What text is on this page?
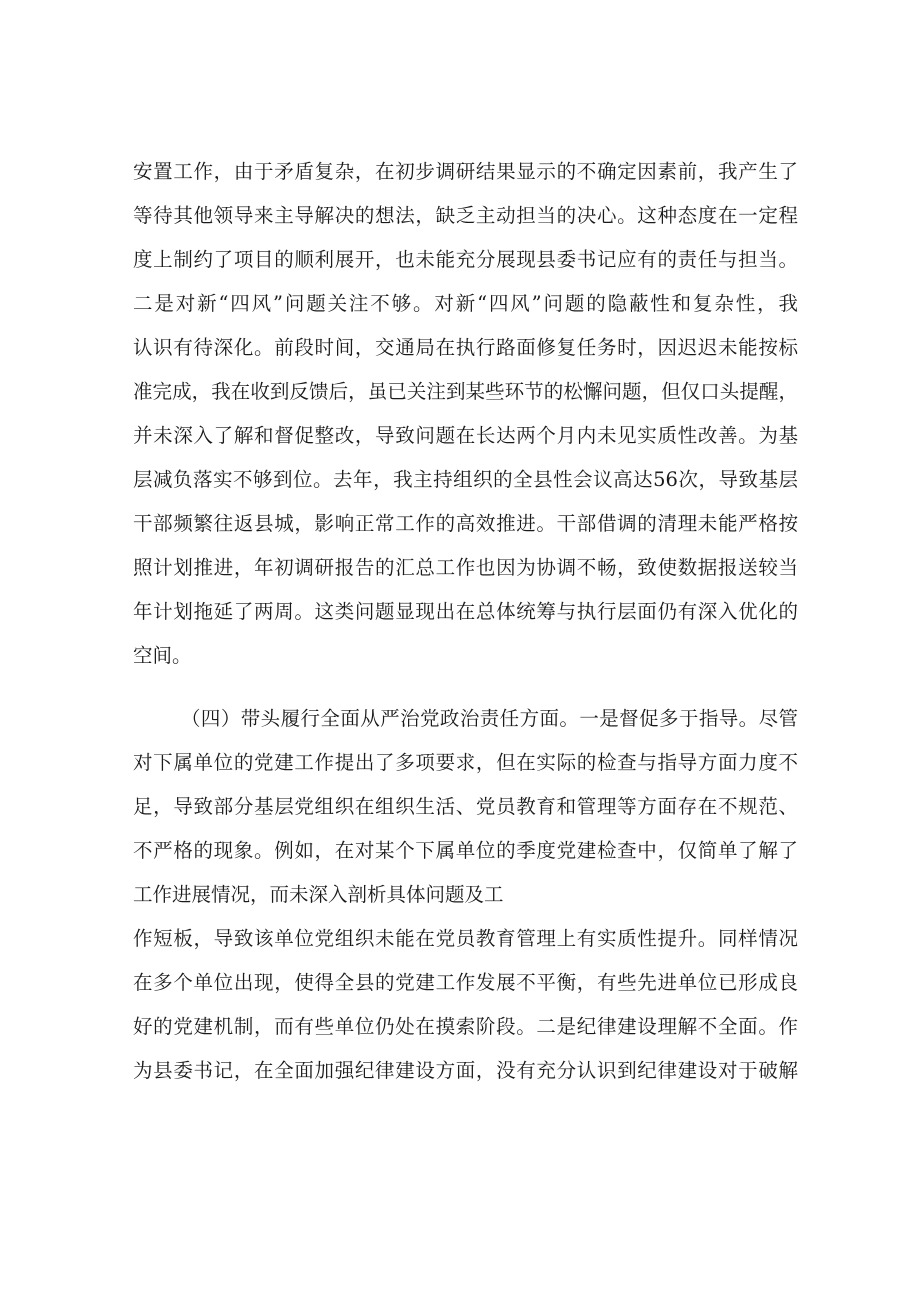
安置工作，由于矛盾复杂，在初步调研结果显示的不确定因素前，我产生了
等待其他领导来主导解决的想法，缺乏主动担当的决心。这种态度在一定程
度上制约了项目的顺利展开，也未能充分展现县委书记应有的责任与担当。
二是对新“四风”问题关注不够。对新“四风”问题的隐蔽性和复杂性，我
认识有待深化。前段时间，交通局在执行路面修复任务时，因迟迟未能按标
准完成，我在收到反馈后，虽已关注到某些环节的松懈问题，但仅口头提醒，
并未深入了解和督促整改，导致问题在长达两个月内未见实质性改善。为基
层减负落实不够到位。去年，我主持组织的全县性会议高达56次，导致基层
干部频繁往返县城，影响正常工作的高效推进。干部借调的清理未能严格按
照计划推进，年初调研报告的汇总工作也因为协调不畅，致使数据报送较当
年计划拖延了两周。这类问题显现出在总体统筹与执行层面仍有深入优化的
空间。
（四）带头履行全面从严治党政治责任方面。一是督促多于指导。尽管
对下属单位的党建工作提出了多项要求，但在实际的检查与指导方面力度不
足，导致部分基层党组织在组织生活、党员教育和管理等方面存在不规范、
不严格的现象。例如，在对某个下属单位的季度党建检查中，仅简单了解了
工作进展情况，而未深入剖析具体问题及工
作短板，导致该单位党组织未能在党员教育管理上有实质性提升。同样情况
在多个单位出现，使得全县的党建工作发展不平衡，有些先进单位已形成良
好的党建机制，而有些单位仍处在摸索阶段。二是纪律建设理解不全面。作
为县委书记，在全面加强纪律建设方面，没有充分认识到纪律建设对于破解
